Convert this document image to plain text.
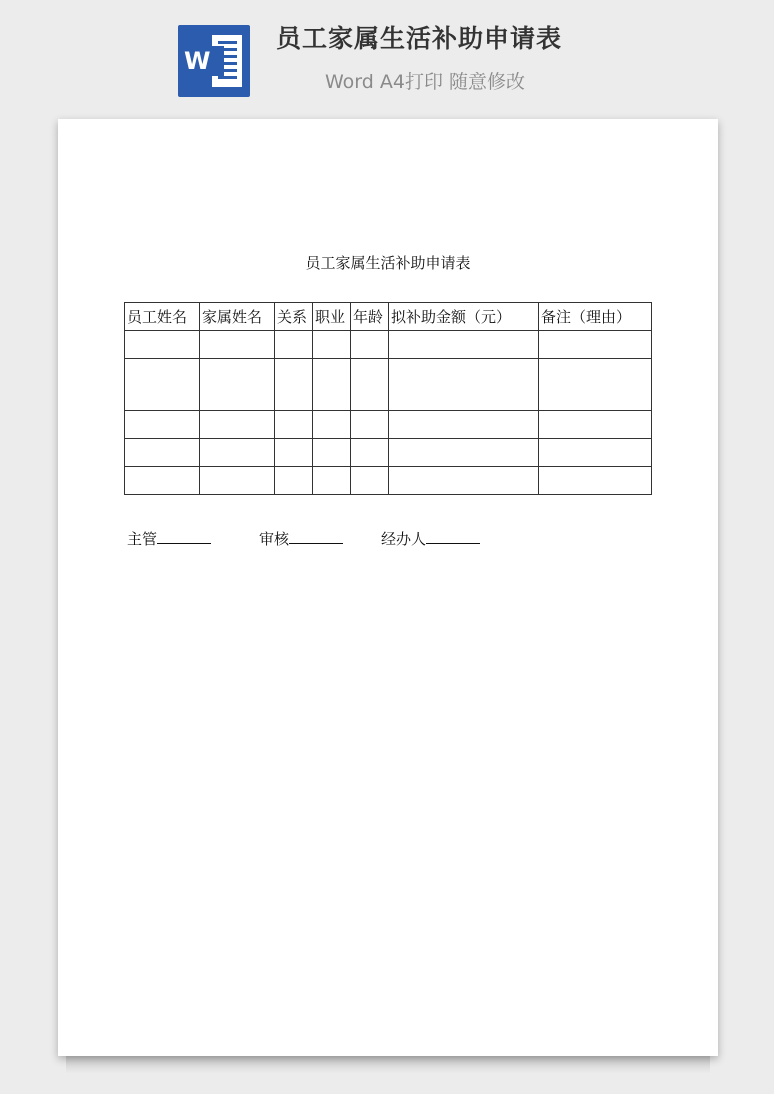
W
员工家属生活补助申请表
Word A4打印 随意修改
员工家属生活补助申请表
员工姓名	家属姓名	关系	职业	年龄	拟补助金额（元）	备注（理由）

主管	审核	经办人
